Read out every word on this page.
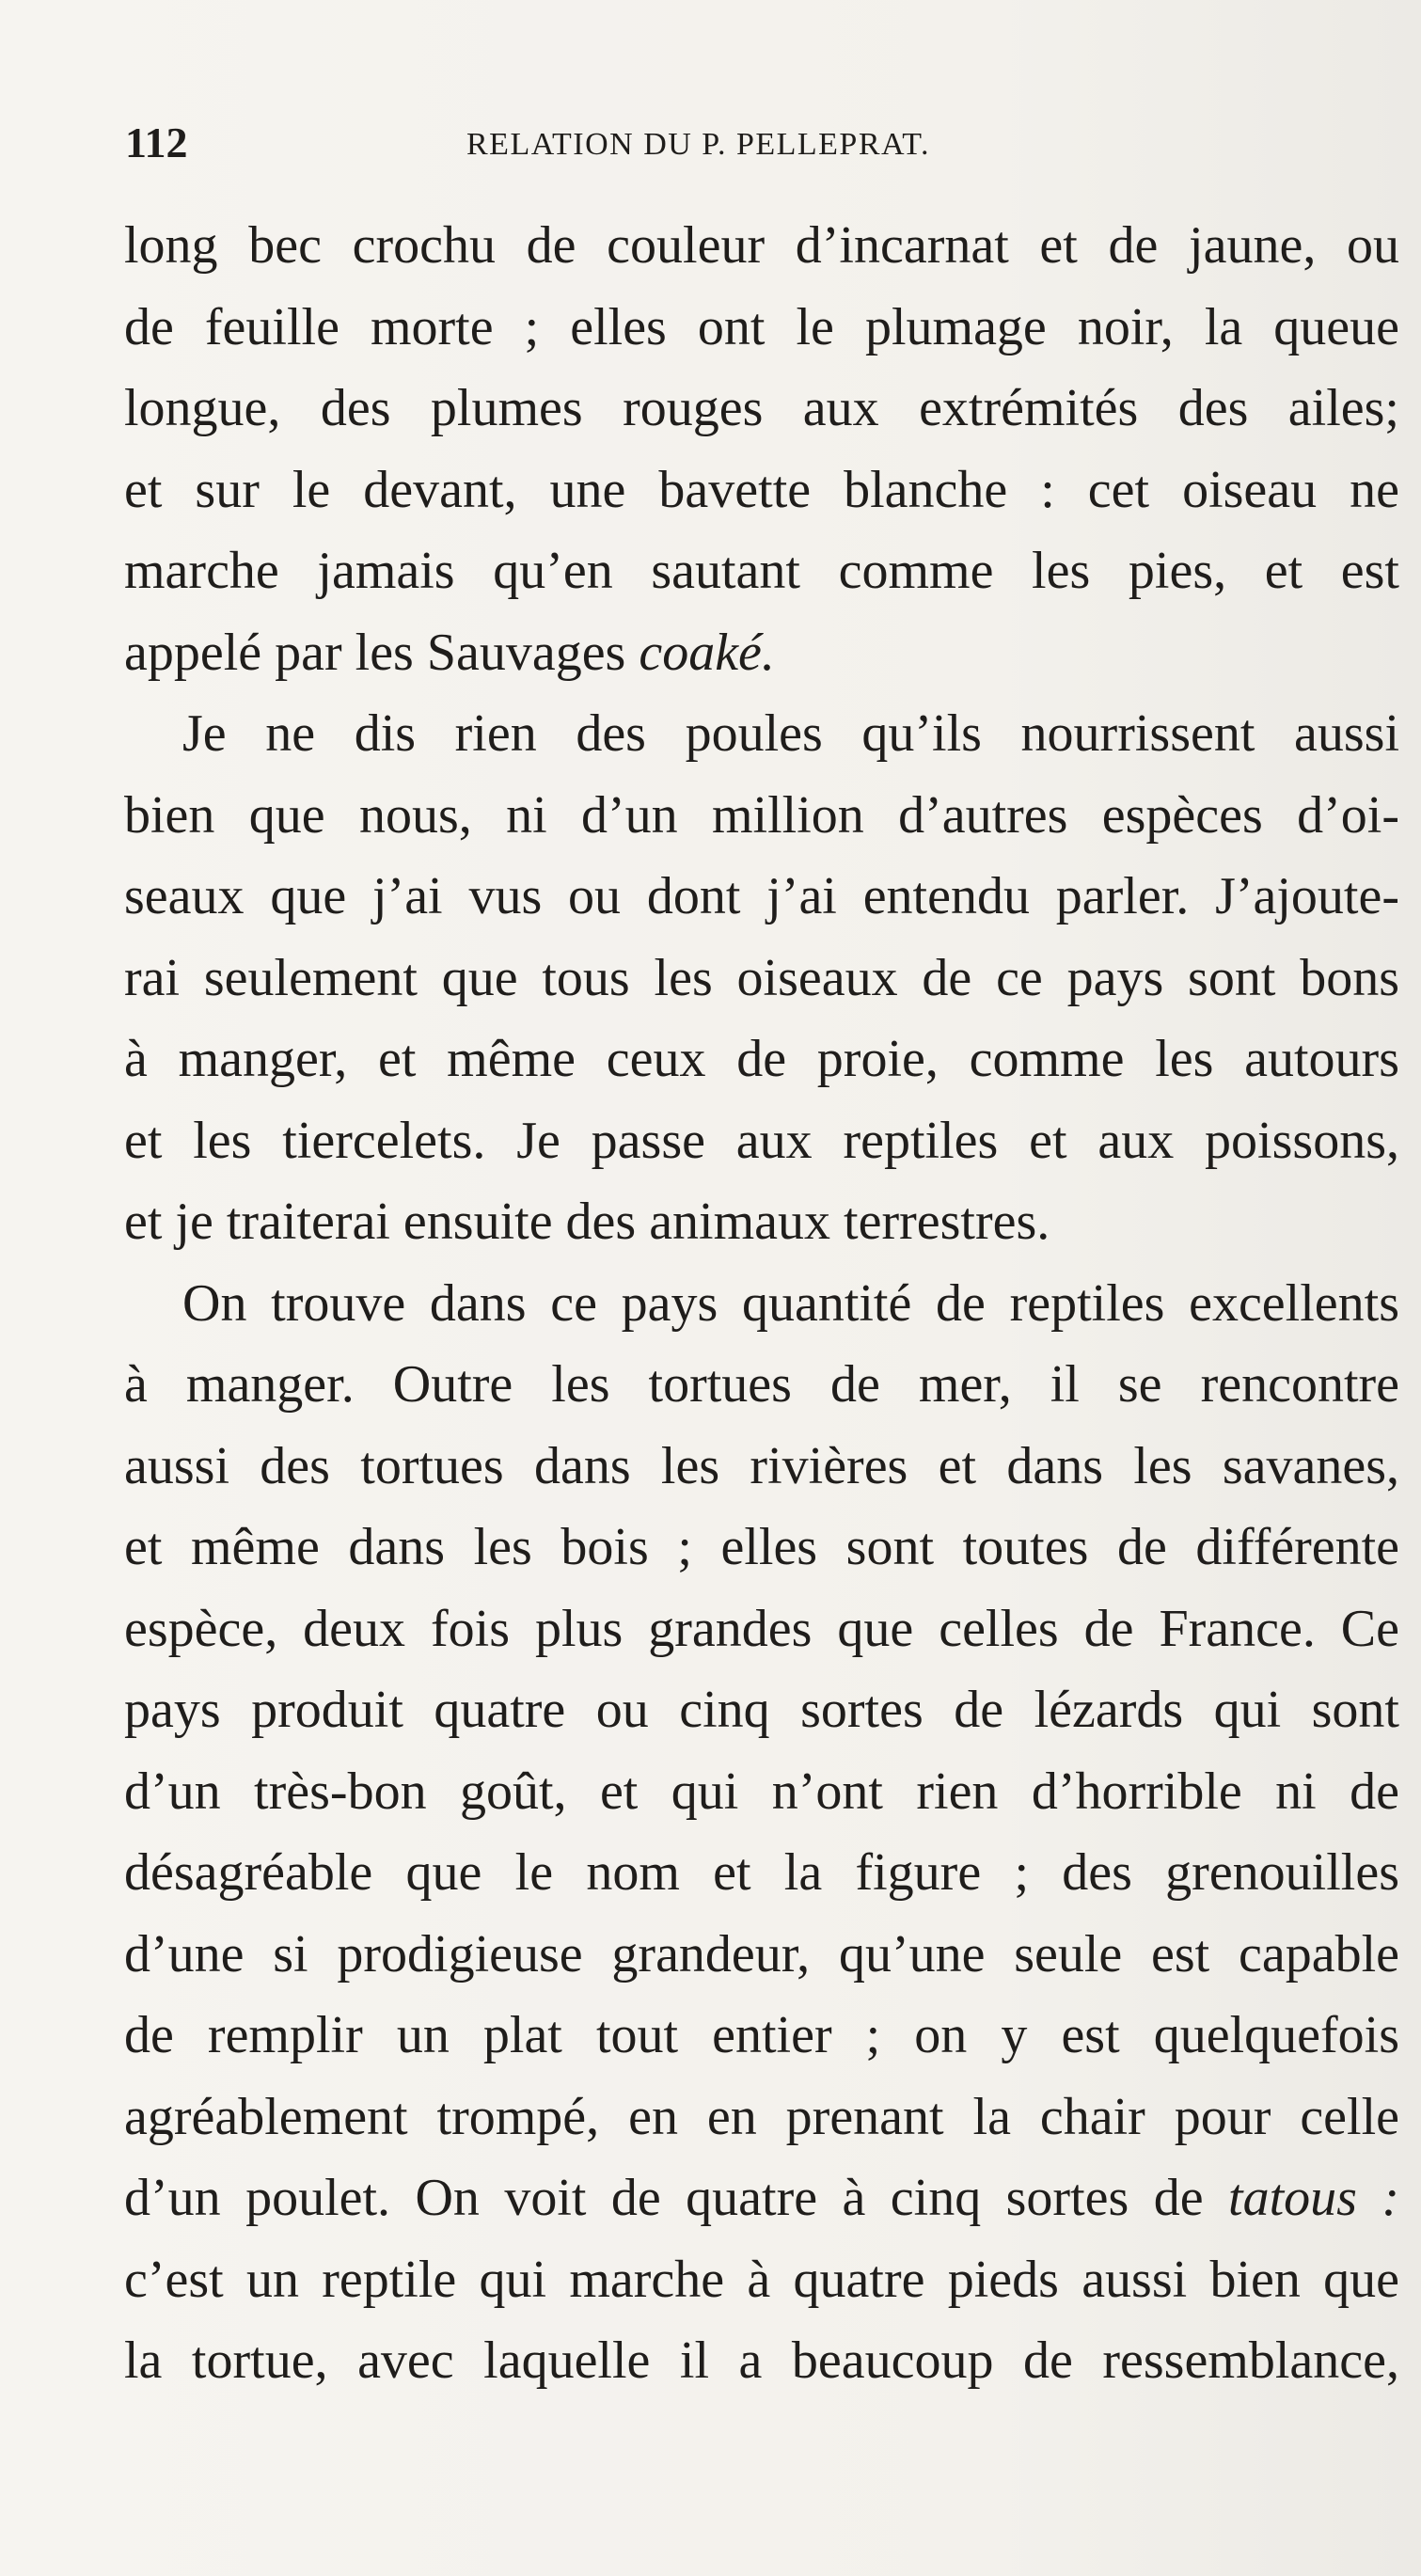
112	RELATION DU P. PELLEPRAT.
long bec crochu de couleur d’incarnat et de jaune, ou
de feuille morte ; elles ont le plumage noir, la queue
longue, des plumes rouges aux extrémités des ailes;
et sur le devant, une bavette blanche : cet oiseau ne
marche jamais qu’en sautant comme les pies, et est
appelé par les Sauvages coaké.
Je ne dis rien des poules qu’ils nourrissent aussi
bien que nous, ni d’un million d’autres espèces d’oi-
seaux que j’ai vus ou dont j’ai entendu parler. J’ajoute-
rai seulement que tous les oiseaux de ce pays sont bons
à manger, et même ceux de proie, comme les autours
et les tiercelets. Je passe aux reptiles et aux poissons,
et je traiterai ensuite des animaux terrestres.
On trouve dans ce pays quantité de reptiles excellents
à manger. Outre les tortues de mer, il se rencontre
aussi des tortues dans les rivières et dans les savanes,
et même dans les bois ; elles sont toutes de différente
espèce, deux fois plus grandes que celles de France. Ce
pays produit quatre ou cinq sortes de lézards qui sont
d’un très-bon goût, et qui n’ont rien d’horrible ni de
désagréable que le nom et la figure ; des grenouilles
d’une si prodigieuse grandeur, qu’une seule est capable
de remplir un plat tout entier ; on y est quelquefois
agréablement trompé, en en prenant la chair pour celle
d’un poulet. On voit de quatre à cinq sortes de tatous :
c’est un reptile qui marche à quatre pieds aussi bien que
la tortue, avec laquelle il a beaucoup de ressemblance,
